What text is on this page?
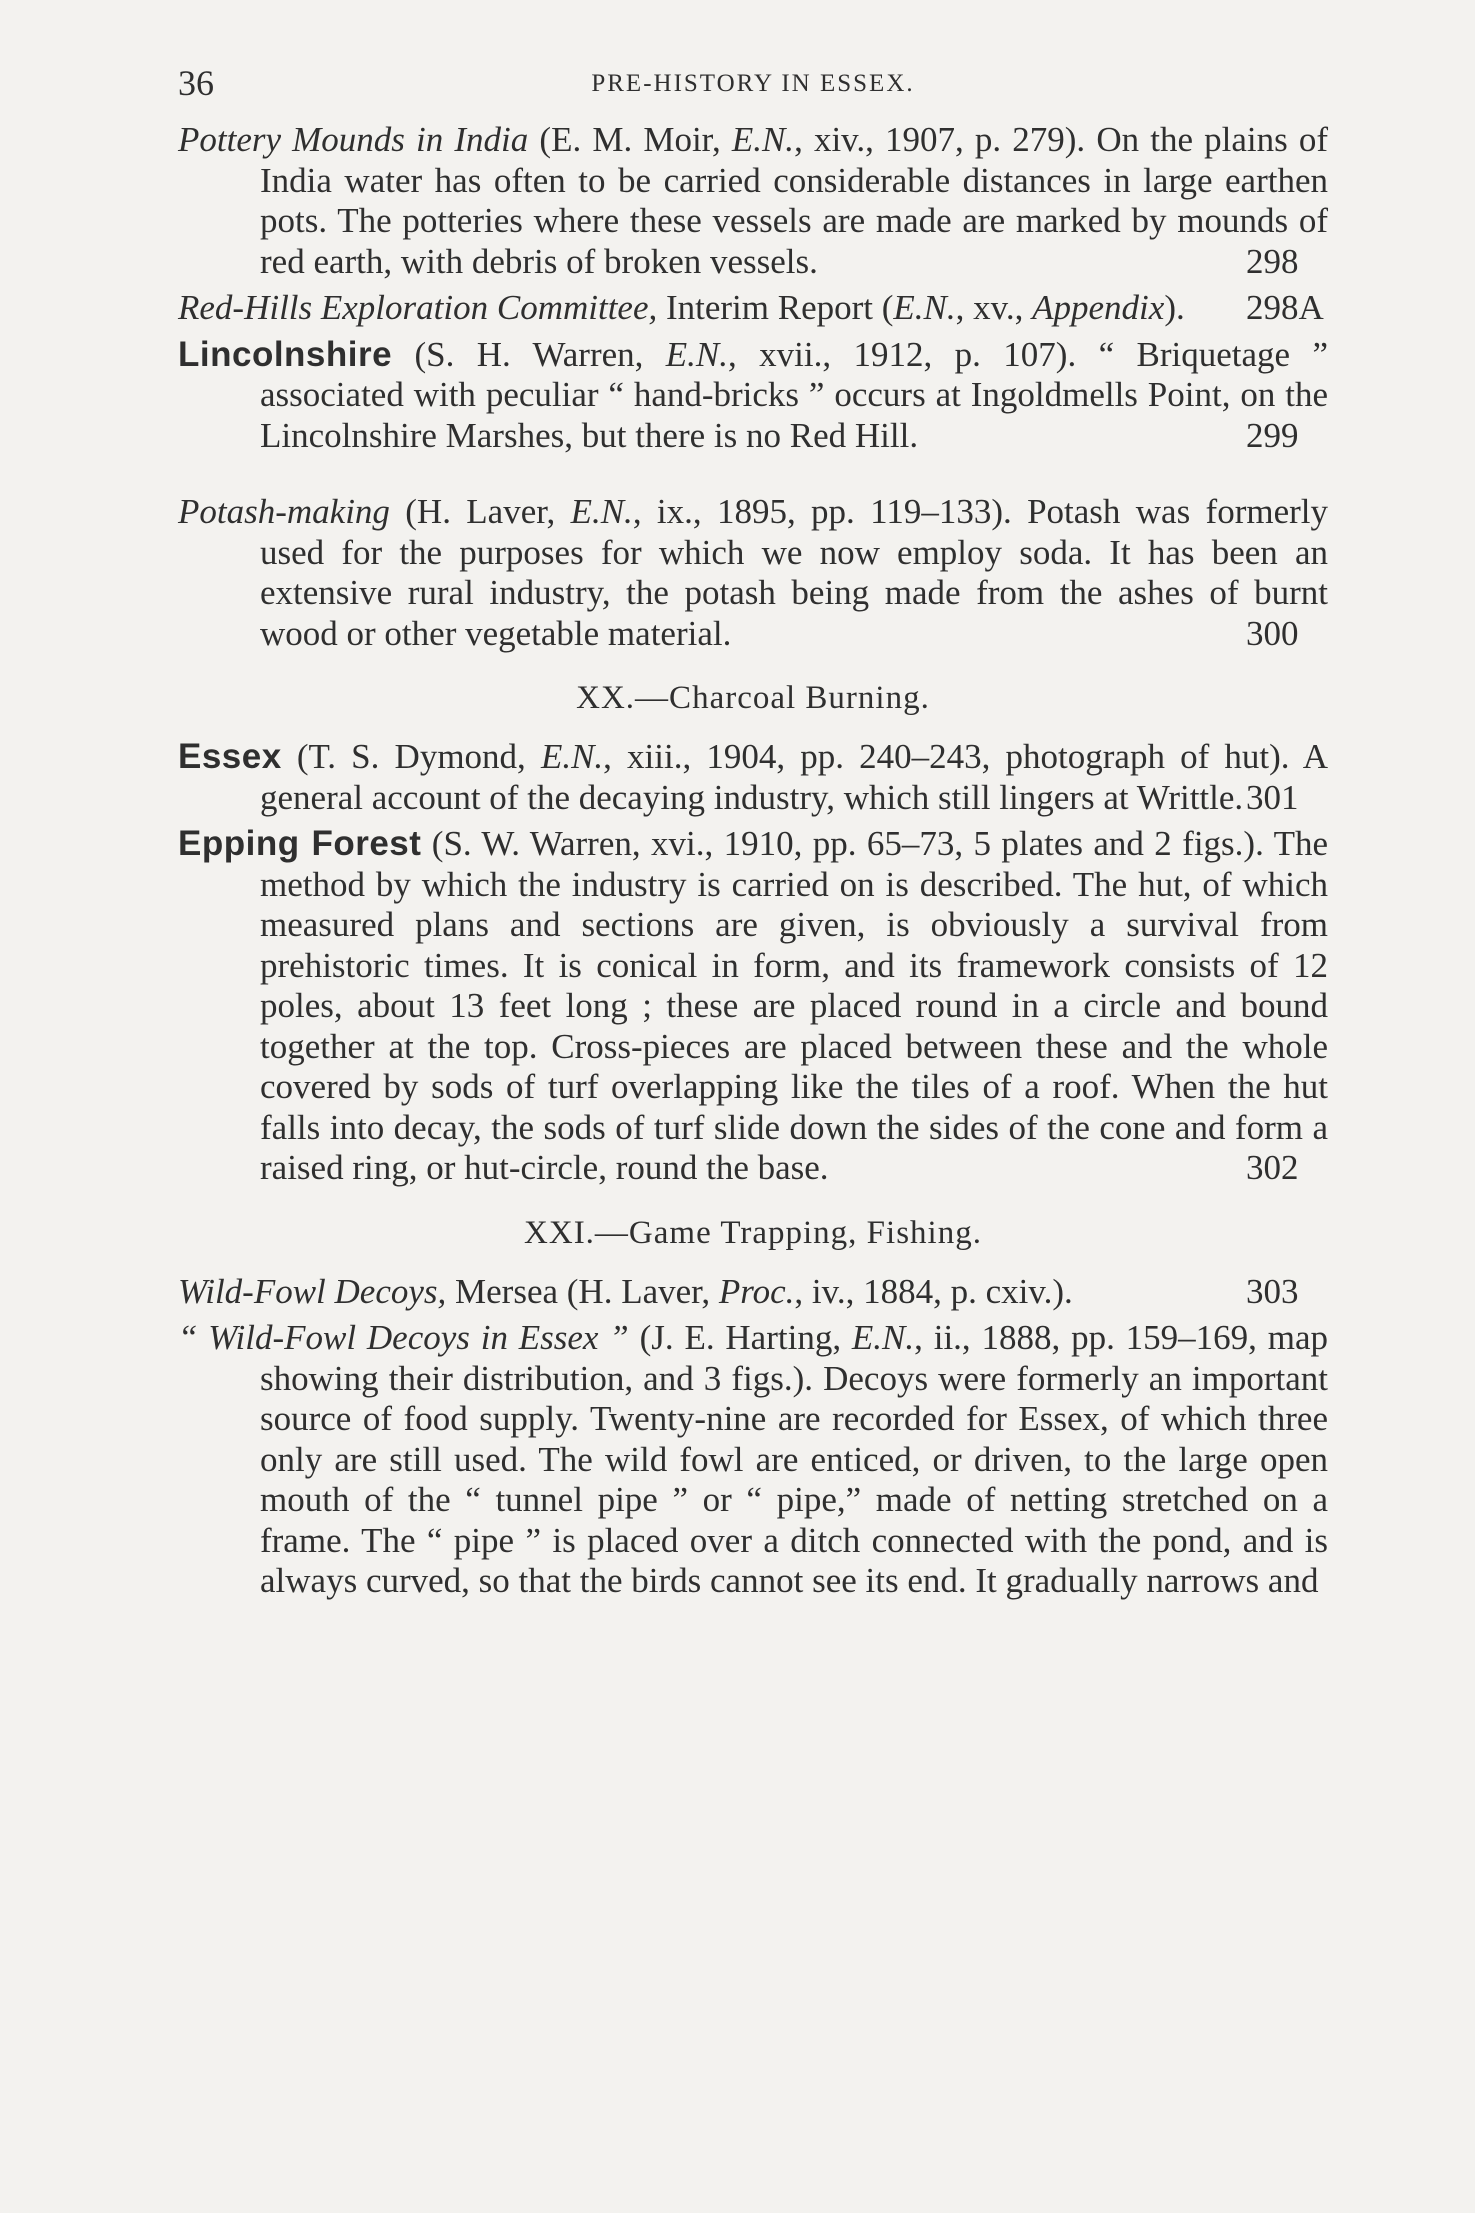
36	PRE-HISTORY IN ESSEX.

Pottery Mounds in India (E. M. Moir, E.N., xiv., 1907, p. 279). On the plains of India water has often to be carried considerable distances in large earthen pots. The potteries where these vessels are made are marked by mounds of red earth, with debris of broken vessels.	298

Red-Hills Exploration Committee, Interim Report (E.N., xv., Appendix). 298A

Lincolnshire (S. H. Warren, E.N., xvii., 1912, p. 107). “ Briquetage ” associated with peculiar “ hand-bricks ” occurs at Ingoldmells Point, on the Lincolnshire Marshes, but there is no Red Hill.	299

Potash-making (H. Laver, E.N., ix., 1895, pp. 119–133). Potash was formerly used for the purposes for which we now employ soda. It has been an extensive rural industry, the potash being made from the ashes of burnt wood or other vegetable material.	300

XX.—Charcoal Burning.

Essex (T. S. Dymond, E.N., xiii., 1904, pp. 240–243, photograph of hut). A general account of the decaying industry, which still lingers at Writtle. 301

Epping Forest (S. W. Warren, xvi., 1910, pp. 65–73, 5 plates and 2 figs.). The method by which the industry is carried on is described. The hut, of which measured plans and sections are given, is obviously a survival from prehistoric times. It is conical in form, and its framework consists of 12 poles, about 13 feet long ; these are placed round in a circle and bound together at the top. Cross-pieces are placed between these and the whole covered by sods of turf overlapping like the tiles of a roof. When the hut falls into decay, the sods of turf slide down the sides of the cone and form a raised ring, or hut-circle, round the base.	302

XXI.—Game Trapping, Fishing.

Wild-Fowl Decoys, Mersea (H. Laver, Proc., iv., 1884, p. cxiv.).	303

“ Wild-Fowl Decoys in Essex ” (J. E. Harting, E.N., ii., 1888, pp. 159–169, map showing their distribution, and 3 figs.). Decoys were formerly an important source of food supply. Twenty-nine are recorded for Essex, of which three only are still used. The wild fowl are enticed, or driven, to the large open mouth of the “ tunnel pipe ” or “ pipe,” made of netting stretched on a frame. The “ pipe ” is placed over a ditch connected with the pond, and is always curved, so that the birds cannot see its end. It gradually narrows and
